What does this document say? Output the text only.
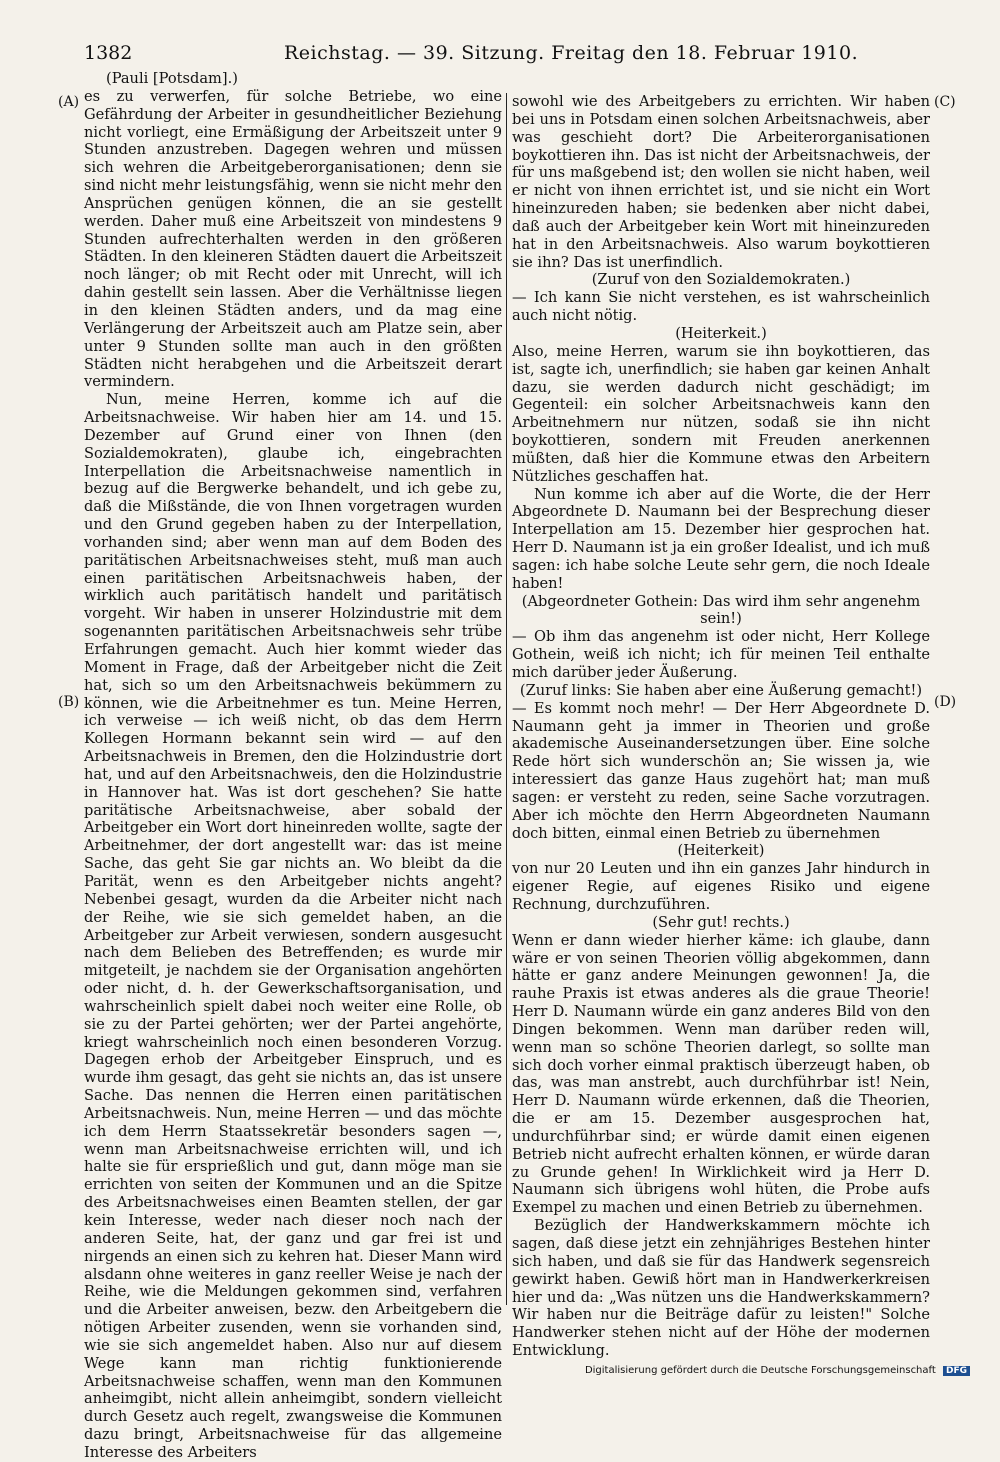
1382	Reichstag. — 39. Sitzung. Freitag den 18. Februar 1910.
(A)
(B)
(C)
(D)

(Pauli [Potsdam].)

es zu verwerfen, für solche Betriebe, wo eine Gefährdung der Arbeiter in gesundheitlicher Beziehung nicht vorliegt, eine Ermäßigung der Arbeitszeit unter 9 Stunden anzustreben. Dagegen wehren und müssen sich wehren die Arbeitgeberorganisationen; denn sie sind nicht mehr leistungsfähig, wenn sie nicht mehr den Ansprüchen genügen können, die an sie gestellt werden. Daher muß eine Arbeitszeit von mindestens 9 Stunden aufrechterhalten werden in den größeren Städten. In den kleineren Städten dauert die Arbeitszeit noch länger; ob mit Recht oder mit Unrecht, will ich dahin gestellt sein lassen. Aber die Verhältnisse liegen in den kleinen Städten anders, und da mag eine Verlängerung der Arbeitszeit auch am Platze sein, aber unter 9 Stunden sollte man auch in den größten Städten nicht herabgehen und die Arbeitszeit derart vermindern.

Nun, meine Herren, komme ich auf die Arbeitsnachweise. Wir haben hier am 14. und 15. Dezember auf Grund einer von Ihnen (den Sozialdemokraten), glaube ich, eingebrachten Interpellation die Arbeitsnachweise namentlich in bezug auf die Bergwerke behandelt, und ich gebe zu, daß die Mißstände, die von Ihnen vorgetragen wurden und den Grund gegeben haben zu der Interpellation, vorhanden sind; aber wenn man auf dem Boden des paritätischen Arbeitsnachweises steht, muß man auch einen paritätischen Arbeitsnachweis haben, der wirklich auch paritätisch handelt und paritätisch vorgeht. Wir haben in unserer Holzindustrie mit dem sogenannten paritätischen Arbeitsnachweis sehr trübe Erfahrungen gemacht. Auch hier kommt wieder das Moment in Frage, daß der Arbeitgeber nicht die Zeit hat, sich so um den Arbeitsnachweis bekümmern zu können, wie die Arbeitnehmer es tun. Meine Herren, ich verweise — ich weiß nicht, ob das dem Herrn Kollegen Hormann bekannt sein wird — auf den Arbeitsnachweis in Bremen, den die Holzindustrie dort hat, und auf den Arbeitsnachweis, den die Holzindustrie in Hannover hat. Was ist dort geschehen? Sie hatte paritätische Arbeitsnachweise, aber sobald der Arbeitgeber ein Wort dort hineinreden wollte, sagte der Arbeitnehmer, der dort angestellt war: das ist meine Sache, das geht Sie gar nichts an. Wo bleibt da die Parität, wenn es den Arbeitgeber nichts angeht? Nebenbei gesagt, wurden da die Arbeiter nicht nach der Reihe, wie sie sich gemeldet haben, an die Arbeitgeber zur Arbeit verwiesen, sondern ausgesucht nach dem Belieben des Betreffenden; es wurde mir mitgeteilt, je nachdem sie der Organisation angehörten oder nicht, d. h. der Gewerkschaftsorganisation, und wahrscheinlich spielt dabei noch weiter eine Rolle, ob sie zu der Partei gehörten; wer der Partei angehörte, kriegt wahrscheinlich noch einen besonderen Vorzug. Dagegen erhob der Arbeitgeber Einspruch, und es wurde ihm gesagt, das geht sie nichts an, das ist unsere Sache. Das nennen die Herren einen paritätischen Arbeitsnachweis. Nun, meine Herren — und das möchte ich dem Herrn Staatssekretär besonders sagen —, wenn man Arbeitsnachweise errichten will, und ich halte sie für ersprießlich und gut, dann möge man sie errichten von seiten der Kommunen und an die Spitze des Arbeitsnachweises einen Beamten stellen, der gar kein Interesse, weder nach dieser noch nach der anderen Seite, hat, der ganz und gar frei ist und nirgends an einen sich zu kehren hat. Dieser Mann wird alsdann ohne weiteres in ganz reeller Weise je nach der Reihe, wie die Meldungen gekommen sind, verfahren und die Arbeiter anweisen, bezw. den Arbeitgebern die nötigen Arbeiter zusenden, wenn sie vorhanden sind, wie sie sich angemeldet haben. Also nur auf diesem Wege kann man richtig funktionierende Arbeitsnachweise schaffen, wenn man den Kommunen anheimgibt, nicht allein anheimgibt, sondern vielleicht durch Gesetz auch regelt, zwangsweise die Kommunen dazu bringt, Arbeitsnachweise für das allgemeine Interesse des Arbeiters

sowohl wie des Arbeitgebers zu errichten. Wir haben bei uns in Potsdam einen solchen Arbeitsnachweis, aber was geschieht dort? Die Arbeiterorganisationen boykottieren ihn. Das ist nicht der Arbeitsnachweis, der für uns maßgebend ist; den wollen sie nicht haben, weil er nicht von ihnen errichtet ist, und sie nicht ein Wort hineinzureden haben; sie bedenken aber nicht dabei, daß auch der Arbeitgeber kein Wort mit hineinzureden hat in den Arbeitsnachweis. Also warum boykottieren sie ihn? Das ist unerfindlich.

(Zuruf von den Sozialdemokraten.)

— Ich kann Sie nicht verstehen, es ist wahrscheinlich auch nicht nötig.

(Heiterkeit.)

Also, meine Herren, warum sie ihn boykottieren, das ist, sagte ich, unerfindlich; sie haben gar keinen Anhalt dazu, sie werden dadurch nicht geschädigt; im Gegenteil: ein solcher Arbeitsnachweis kann den Arbeitnehmern nur nützen, sodaß sie ihn nicht boykottieren, sondern mit Freuden anerkennen müßten, daß hier die Kommune etwas den Arbeitern Nützliches geschaffen hat.

Nun komme ich aber auf die Worte, die der Herr Abgeordnete D. Naumann bei der Besprechung dieser Interpellation am 15. Dezember hier gesprochen hat. Herr D. Naumann ist ja ein großer Idealist, und ich muß sagen: ich habe solche Leute sehr gern, die noch Ideale haben!

(Abgeordneter Gothein: Das wird ihm sehr angenehm sein!)

— Ob ihm das angenehm ist oder nicht, Herr Kollege Gothein, weiß ich nicht; ich für meinen Teil enthalte mich darüber jeder Äußerung.

(Zuruf links: Sie haben aber eine Äußerung gemacht!)

— Es kommt noch mehr! — Der Herr Abgeordnete D. Naumann geht ja immer in Theorien und große akademische Auseinandersetzungen über. Eine solche Rede hört sich wunderschön an; Sie wissen ja, wie interessiert das ganze Haus zugehört hat; man muß sagen: er versteht zu reden, seine Sache vorzutragen. Aber ich möchte den Herrn Abgeordneten Naumann doch bitten, einmal einen Betrieb zu übernehmen

(Heiterkeit)

von nur 20 Leuten und ihn ein ganzes Jahr hindurch in eigener Regie, auf eigenes Risiko und eigene Rechnung, durchzuführen.

(Sehr gut! rechts.)

Wenn er dann wieder hierher käme: ich glaube, dann wäre er von seinen Theorien völlig abgekommen, dann hätte er ganz andere Meinungen gewonnen! Ja, die rauhe Praxis ist etwas anderes als die graue Theorie! Herr D. Naumann würde ein ganz anderes Bild von den Dingen bekommen. Wenn man darüber reden will, wenn man so schöne Theorien darlegt, so sollte man sich doch vorher einmal praktisch überzeugt haben, ob das, was man anstrebt, auch durchführbar ist! Nein, Herr D. Naumann würde erkennen, daß die Theorien, die er am 15. Dezember ausgesprochen hat, undurchführbar sind; er würde damit einen eigenen Betrieb nicht aufrecht erhalten können, er würde daran zu Grunde gehen! In Wirklichkeit wird ja Herr D. Naumann sich übrigens wohl hüten, die Probe aufs Exempel zu machen und einen Betrieb zu übernehmen.

Bezüglich der Handwerkskammern möchte ich sagen, daß diese jetzt ein zehnjähriges Bestehen hinter sich haben, und daß sie für das Handwerk segensreich gewirkt haben. Gewiß hört man in Handwerkerkreisen hier und da: „Was nützen uns die Handwerkskammern? Wir haben nur die Beiträge dafür zu leisten!" Solche Handwerker stehen nicht auf der Höhe der modernen Entwicklung.

Digitalisierung gefördert durch die Deutsche Forschungsgemeinschaft DFG
